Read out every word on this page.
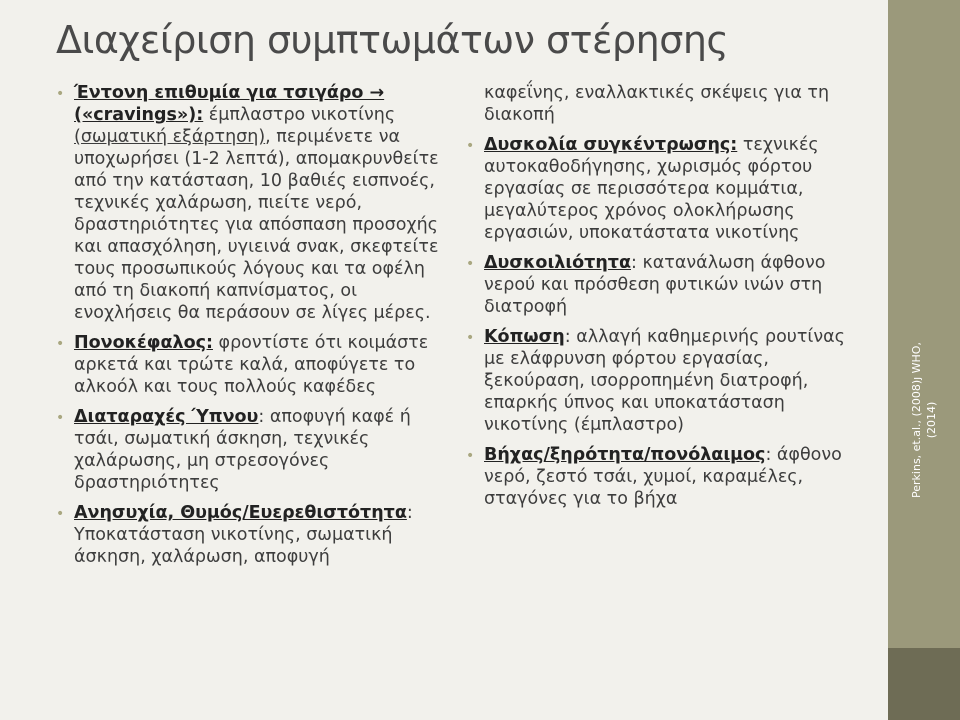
Διαχείριση συμπτωμάτων στέρησης
• Έντονη επιθυμία για τσιγάρο →
(«cravings»): έμπλαστρο νικοτίνης (σωματική εξάρτηση), περιμένετε να υποχωρήσει (1-2 λεπτά), απομακρυνθείτε από την κατάσταση, 10 βαθιές εισπνοές, τεχνικές χαλάρωση, πιείτε νερό, δραστηριότητες για απόσπαση προσοχής και απασχόληση, υγιεινά σνακ, σκεφτείτε τους προσωπικούς λόγους και τα οφέλη από τη διακοπή καπνίσματος, οι ενοχλήσεις θα περάσουν σε λίγες μέρες.
• Πονοκέφαλος: φροντίστε ότι κοιμάστε αρκετά και τρώτε καλά, αποφύγετε το αλκοόλ και τους πολλούς καφέδες
• Διαταραχές Ύπνου: αποφυγή καφέ ή τσάι, σωματική άσκηση, τεχνικές χαλάρωσης, μη στρεσογόνες δραστηριότητες
• Ανησυχία, Θυμός/Ευερεθιστότητα: Υποκατάσταση νικοτίνης, σωματική άσκηση, χαλάρωση, αποφυγή
καφεΐνης, εναλλακτικές σκέψεις για τη διακοπή
• Δυσκολία συγκέντρωσης: τεχνικές αυτοκαθοδήγησης, χωρισμός φόρτου εργασίας σε περισσότερα κομμάτια, μεγαλύτερος χρόνος ολοκλήρωσης εργασιών, υποκατάστατα νικοτίνης
• Δυσκοιλιότητα: κατανάλωση άφθονο νερού και πρόσθεση φυτικών ινών στη διατροφή
• Κόπωση: αλλαγή καθημερινής ρουτίνας με ελάφρυνση φόρτου εργασίας, ξεκούραση, ισορροπημένη διατροφή, επαρκής ύπνος και υποκατάσταση νικοτίνης (έμπλαστρο)
• Βήχας/ξηρότητα/πονόλαιμος: άφθονο νερό, ζεστό τσάι, χυμοί, καραμέλες, σταγόνες για το βήχα
Perkins, et.al., (2008)ȷ WHO, (2014)
